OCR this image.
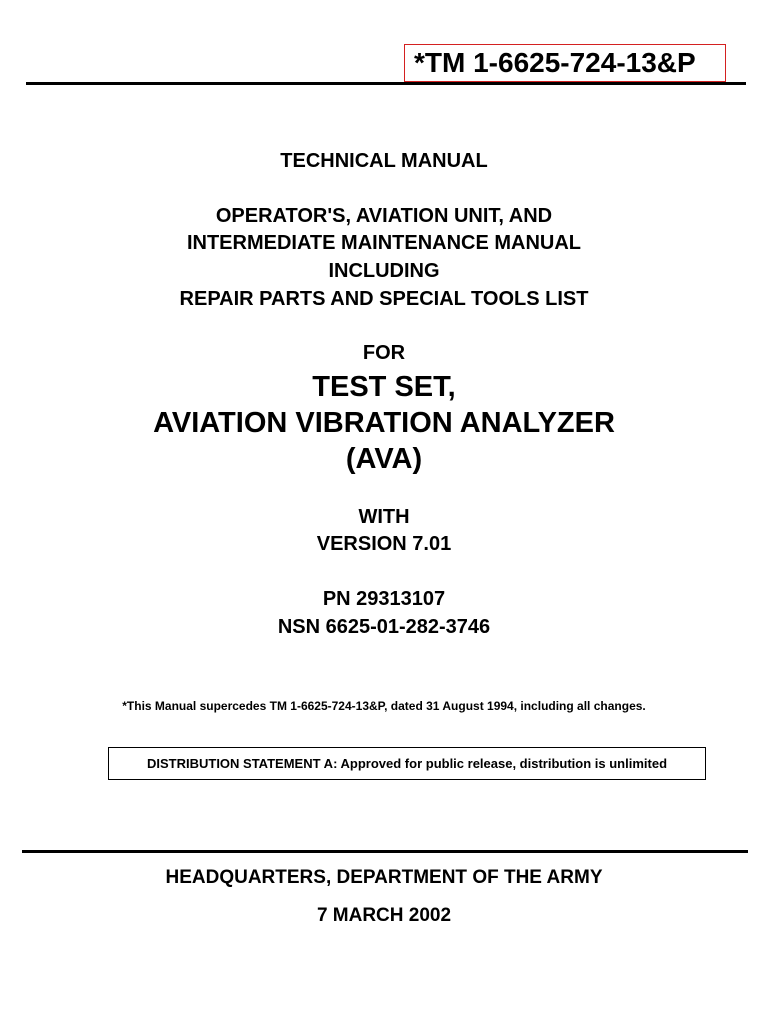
*TM 1-6625-724-13&P
TECHNICAL MANUAL
OPERATOR'S, AVIATION UNIT, AND
INTERMEDIATE MAINTENANCE MANUAL
INCLUDING
REPAIR PARTS AND SPECIAL TOOLS LIST
FOR
TEST SET,
AVIATION VIBRATION ANALYZER
(AVA)
WITH
VERSION 7.01
PN 29313107
NSN 6625-01-282-3746
*This Manual supercedes TM 1-6625-724-13&P, dated 31 August 1994, including all changes.
DISTRIBUTION STATEMENT A: Approved for public release, distribution is unlimited
HEADQUARTERS, DEPARTMENT OF THE ARMY
7 MARCH 2002
